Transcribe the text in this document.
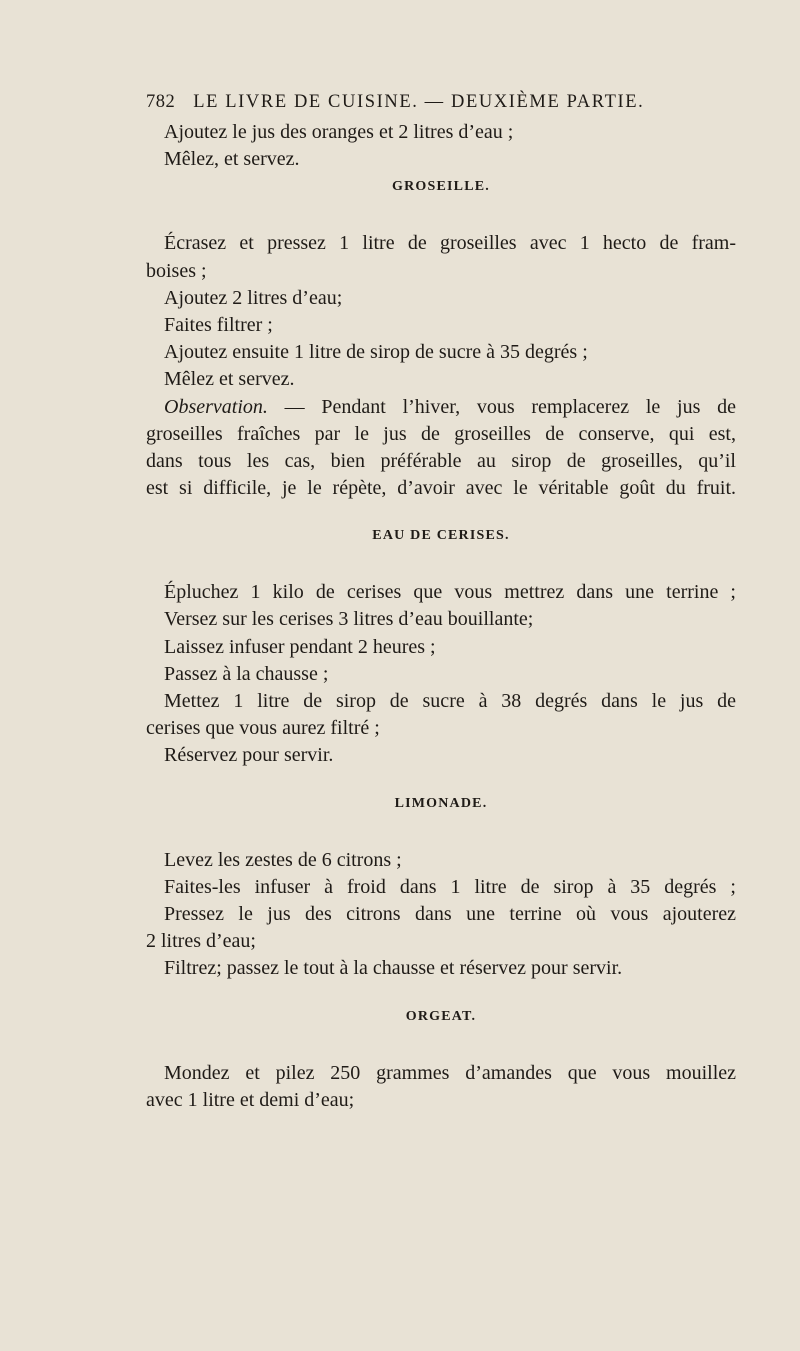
782 LE LIVRE DE CUISINE. — DEUXIÈME PARTIE.
Ajoutez le jus des oranges et 2 litres d’eau ;
Mêlez, et servez.
GROSEILLE.
Écrasez et pressez 1 litre de groseilles avec 1 hecto de fram-
boises ;
Ajoutez 2 litres d’eau;
Faites filtrer ;
Ajoutez ensuite 1 litre de sirop de sucre à 35 degrés ;
Mêlez et servez.
Observation. — Pendant l’hiver, vous remplacerez le jus de
groseilles fraîches par le jus de groseilles de conserve, qui est,
dans tous les cas, bien préférable au sirop de groseilles, qu’il
est si difficile, je le répète, d’avoir avec le véritable goût du fruit.
EAU DE CERISES.
Épluchez 1 kilo de cerises que vous mettrez dans une terrine ;
Versez sur les cerises 3 litres d’eau bouillante;
Laissez infuser pendant 2 heures ;
Passez à la chausse ;
Mettez 1 litre de sirop de sucre à 38 degrés dans le jus de
cerises que vous aurez filtré ;
Réservez pour servir.
LIMONADE.
Levez les zestes de 6 citrons ;
Faites-les infuser à froid dans 1 litre de sirop à 35 degrés ;
Pressez le jus des citrons dans une terrine où vous ajouterez
2 litres d’eau;
Filtrez; passez le tout à la chausse et réservez pour servir.
ORGEAT.
Mondez et pilez 250 grammes d’amandes que vous mouillez
avec 1 litre et demi d’eau;
